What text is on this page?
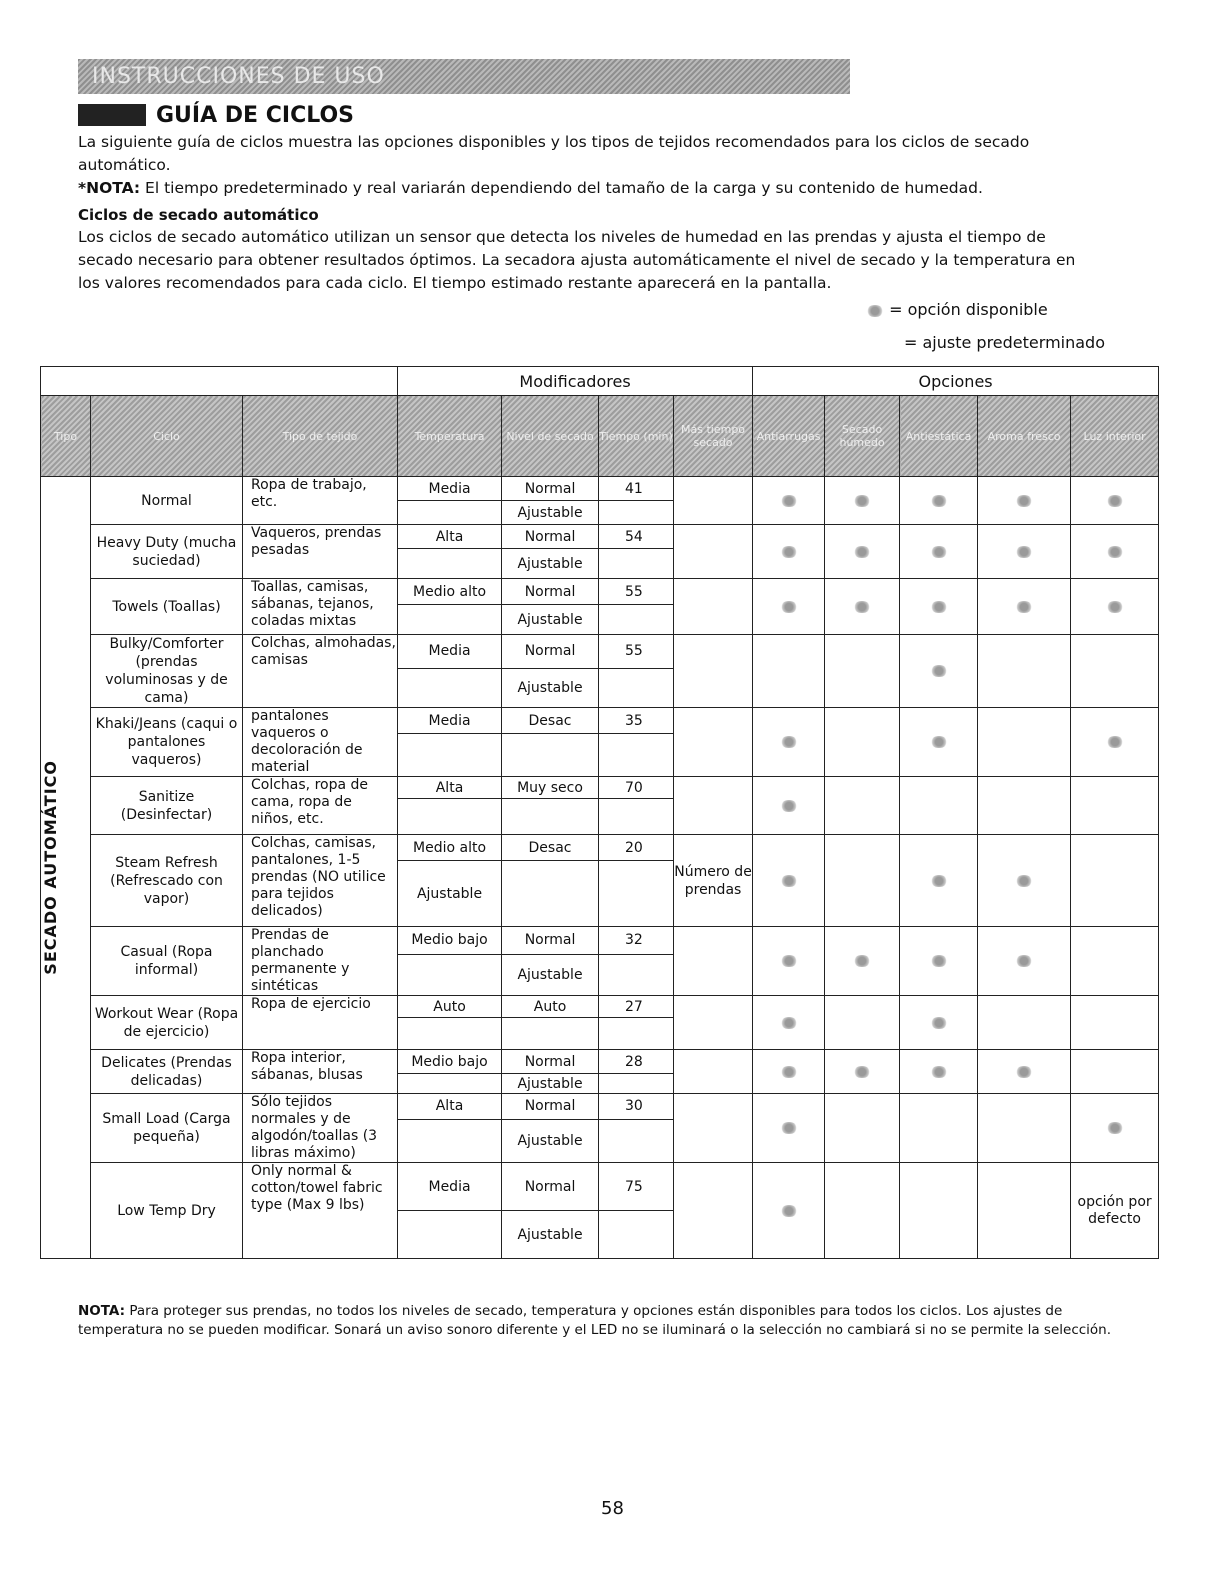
INSTRUCCIONES DE USO
GUÍA DE CICLOS
La siguiente guía de ciclos muestra las opciones disponibles y los tipos de tejidos recomendados para los ciclos de secado
automático.
*NOTA: El tiempo predeterminado y real variarán dependiendo del tamaño de la carga y su contenido de humedad.
Ciclos de secado automático
Los ciclos de secado automático utilizan un sensor que detecta los niveles de humedad en las prendas y ajusta el tiempo de
secado necesario para obtener resultados óptimos. La secadora ajusta automáticamente el nivel de secado y la temperatura en
los valores recomendados para cada ciclo. El tiempo estimado restante aparecerá en la pantalla.
= opción disponible
= ajuste predeterminado
			Modificadores				Opciones				
Tipo	Ciclo	Tipo de tejido	Temperatura	Nivel de secado	Tiempo (min)	Más tiempo secado	Antiarrugas	Secado húmedo	Antiestática	Aroma fresco	Luz interior

SECADO AUTOMÁTICO	Normal	Ropa de trabajo, etc.	Media	Normal	41						
				Ajustable							
	Heavy Duty (mucha suciedad)	Vaqueros, prendas pesadas	Alta	Normal	54						
				Ajustable							
	Towels (Toallas)	Toallas, camisas, sábanas, tejanos, coladas mixtas	Medio alto	Normal	55						
				Ajustable							
	Bulky/Comforter (prendas voluminosas y de cama)	Colchas, almohadas, camisas	Media	Normal	55						
				Ajustable							
	Khaki/Jeans (caqui o pantalones vaqueros)	pantalones vaqueros o decoloración de material	Media	Desac	35						

	Sanitize (Desinfectar)	Colchas, ropa de cama, ropa de niños, etc.	Alta	Muy seco	70						

	Steam Refresh (Refrescado con vapor)	Colchas, camisas, pantalones, 1-5 prendas (NO utilice para tejidos delicados)	Medio alto	Desac	20	Número de prendas					
			Ajustable								
	Casual (Ropa informal)	Prendas de planchado permanente y sintéticas	Medio bajo	Normal	32						
				Ajustable							
	Workout Wear (Ropa de ejercicio)	Ropa de ejercicio	Auto	Auto	27						

	Delicates (Prendas delicadas)	Ropa interior, sábanas, blusas	Medio bajo	Normal	28						
				Ajustable							
	Small Load (Carga pequeña)	Sólo tejidos normales y de algodón/toallas (3 libras máximo)	Alta	Normal	30						
				Ajustable							
	Low Temp Dry	Only normal & cotton/towel fabric type (Max 9 lbs)	Media	Normal	75						opción por defecto
				Ajustable							
NOTA: Para proteger sus prendas, no todos los niveles de secado, temperatura y opciones están disponibles para todos los ciclos. Los ajustes de temperatura no se pueden modificar. Sonará un aviso sonoro diferente y el LED no se iluminará o la selección no cambiará si no se permite la selección.
58
